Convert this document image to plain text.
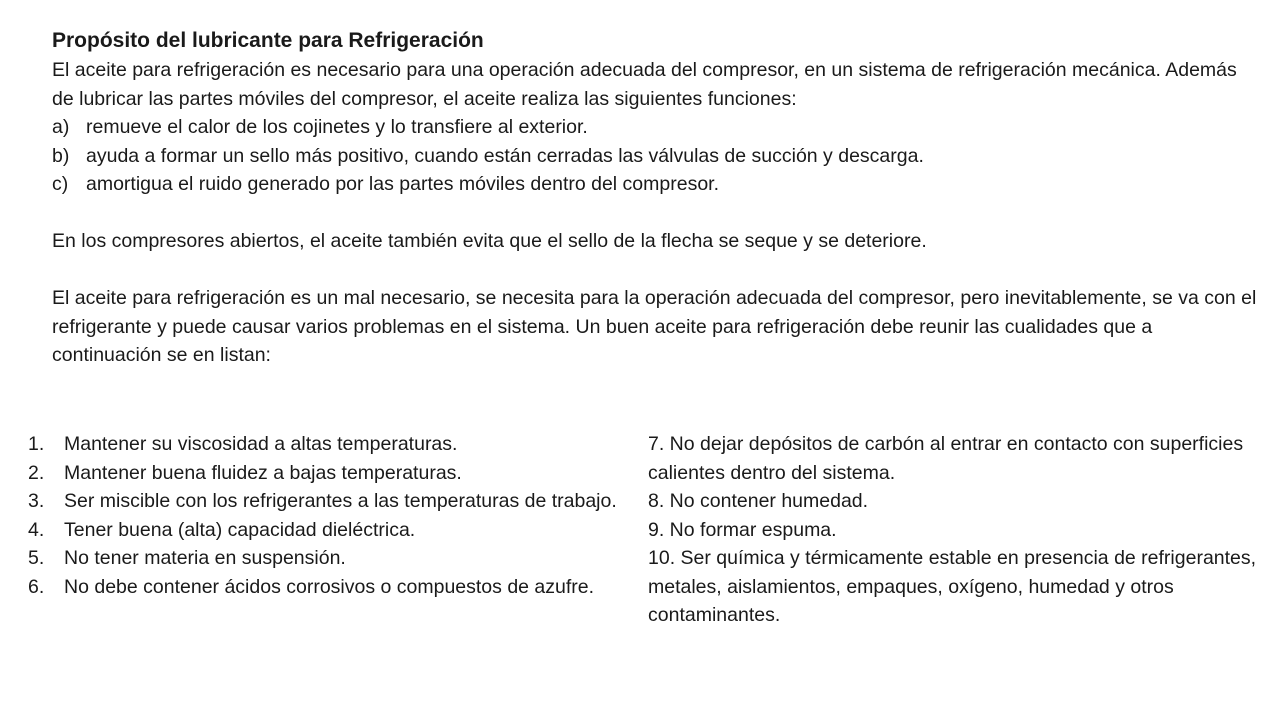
Propósito del lubricante para Refrigeración

El aceite para refrigeración es necesario para una operación adecuada del compresor, en un sistema de refrigeración mecánica. Además de lubricar las partes móviles del compresor, el aceite realiza las siguientes funciones:

a) remueve el calor de los cojinetes y lo transfiere al exterior.
b) ayuda a formar un sello más positivo, cuando están cerradas las válvulas de succión y descarga.
c) amortigua el ruido generado por las partes móviles dentro del compresor.

En los compresores abiertos, el aceite también evita que el sello de la flecha se seque y se deteriore.

El aceite para refrigeración es un mal necesario, se necesita para la operación adecuada del compresor, pero inevitablemente, se va con el refrigerante y puede causar varios problemas en el sistema. Un buen aceite para refrigeración debe reunir las cualidades que a continuación se en listan:

1.	Mantener su viscosidad a altas temperaturas.
2.	Mantener buena fluidez a bajas temperaturas.
3.	Ser miscible con los refrigerantes a las temperaturas de trabajo.
4.	Tener buena (alta) capacidad dieléctrica.
5.	No tener materia en suspensión.
6.	No debe contener ácidos corrosivos o compuestos de azufre.

7. No dejar depósitos de carbón al entrar en contacto con superficies calientes dentro del sistema.

8. No contener humedad.

9. No formar espuma.

10. Ser química y térmicamente estable en presencia de refrigerantes, metales, aislamientos, empaques, oxígeno, humedad y otros contaminantes.
